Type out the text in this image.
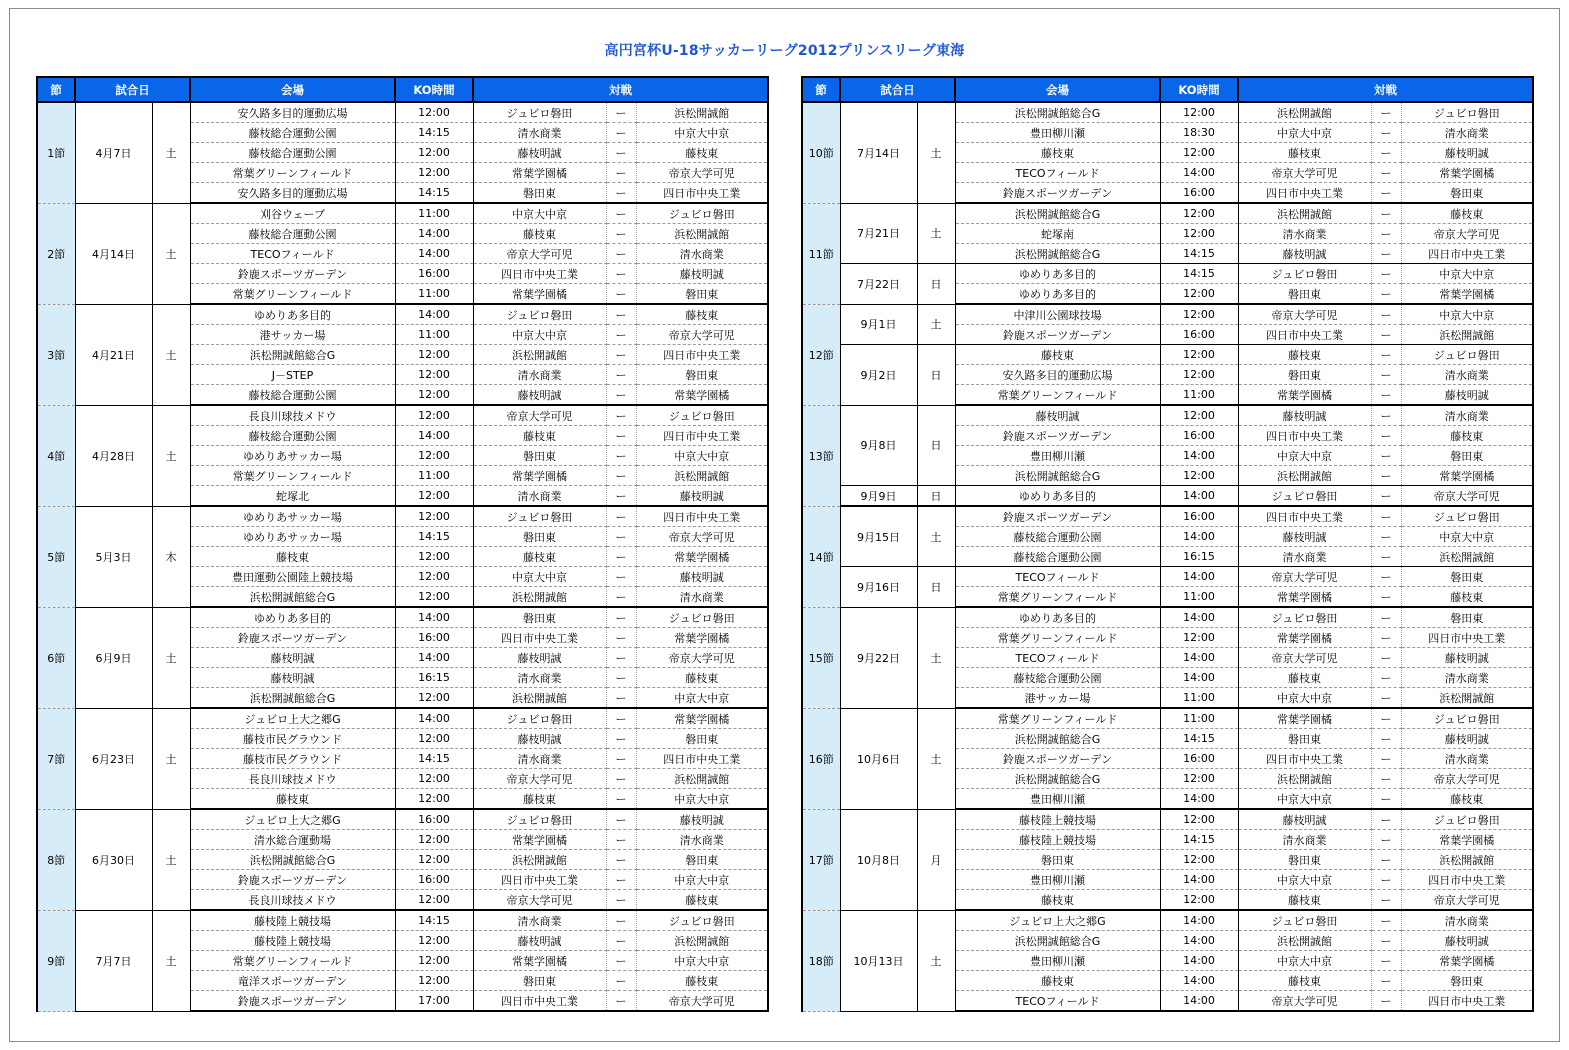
高円宮杯U-18サッカーリーグ2012プリンスリーグ東海
節	試合日		会場	KO時間	対戦		
1節	4月7日	土	安久路多目的運動広場	12:00	ジュビロ磐田	ー	浜松開誠館
			藤枝総合運動公園	14:15	清水商業	ー	中京大中京
			藤枝総合運動公園	12:00	藤枝明誠	ー	藤枝東
			常葉グリーンフィールド	12:00	常葉学園橘	ー	帝京大学可児
			安久路多目的運動広場	14:15	磐田東	ー	四日市中央工業
2節	4月14日	土	刈谷ウェーブ	11:00	中京大中京	ー	ジュビロ磐田
			藤枝総合運動公園	14:00	藤枝東	ー	浜松開誠館
			TECOフィールド	14:00	帝京大学可児	ー	清水商業
			鈴鹿スポーツガーデン	16:00	四日市中央工業	ー	藤枝明誠
			常葉グリーンフィールド	11:00	常葉学園橘	ー	磐田東
3節	4月21日	土	ゆめりあ多目的	14:00	ジュビロ磐田	ー	藤枝東
			港サッカー場	11:00	中京大中京	ー	帝京大学可児
			浜松開誠館総合G	12:00	浜松開誠館	ー	四日市中央工業
			J－STEP	12:00	清水商業	ー	磐田東
			藤枝総合運動公園	12:00	藤枝明誠	ー	常葉学園橘
4節	4月28日	土	長良川球技メドウ	12:00	帝京大学可児	ー	ジュビロ磐田
			藤枝総合運動公園	14:00	藤枝東	ー	四日市中央工業
			ゆめりあサッカー場	12:00	磐田東	ー	中京大中京
			常葉グリーンフィールド	11:00	常葉学園橘	ー	浜松開誠館
			蛇塚北	12:00	清水商業	ー	藤枝明誠
5節	5月3日	木	ゆめりあサッカー場	12:00	ジュビロ磐田	ー	四日市中央工業
			ゆめりあサッカー場	14:15	磐田東	ー	帝京大学可児
			藤枝東	12:00	藤枝東	ー	常葉学園橘
			豊田運動公園陸上競技場	12:00	中京大中京	ー	藤枝明誠
			浜松開誠館総合G	12:00	浜松開誠館	ー	清水商業
6節	6月9日	土	ゆめりあ多目的	14:00	磐田東	ー	ジュビロ磐田
			鈴鹿スポーツガーデン	16:00	四日市中央工業	ー	常葉学園橘
			藤枝明誠	14:00	藤枝明誠	ー	帝京大学可児
			藤枝明誠	16:15	清水商業	ー	藤枝東
			浜松開誠館総合G	12:00	浜松開誠館	ー	中京大中京
7節	6月23日	土	ジュビロ上大之郷G	14:00	ジュビロ磐田	ー	常葉学園橘
			藤枝市民グラウンド	12:00	藤枝明誠	ー	磐田東
			藤枝市民グラウンド	14:15	清水商業	ー	四日市中央工業
			長良川球技メドウ	12:00	帝京大学可児	ー	浜松開誠館
			藤枝東	12:00	藤枝東	ー	中京大中京
8節	6月30日	土	ジュビロ上大之郷G	16:00	ジュビロ磐田	ー	藤枝明誠
			清水総合運動場	12:00	常葉学園橘	ー	清水商業
			浜松開誠館総合G	12:00	浜松開誠館	ー	磐田東
			鈴鹿スポーツガーデン	16:00	四日市中央工業	ー	中京大中京
			長良川球技メドウ	12:00	帝京大学可児	ー	藤枝東
9節	7月7日	土	藤枝陸上競技場	14:15	清水商業	ー	ジュビロ磐田
			藤枝陸上競技場	12:00	藤枝明誠	ー	浜松開誠館
			常葉グリーンフィールド	12:00	常葉学園橘	ー	中京大中京
			竜洋スポーツガーデン	12:00	磐田東	ー	藤枝東
			鈴鹿スポーツガーデン	17:00	四日市中央工業	ー	帝京大学可児
節	試合日		会場	KO時間	対戦		
10節	7月14日	土	浜松開誠館総合G	12:00	浜松開誠館	ー	ジュビロ磐田
			豊田柳川瀬	18:30	中京大中京	ー	清水商業
			藤枝東	12:00	藤枝東	ー	藤枝明誠
			TECOフィールド	14:00	帝京大学可児	ー	常葉学園橘
			鈴鹿スポーツガーデン	16:00	四日市中央工業	ー	磐田東
11節	7月21日	土	浜松開誠館総合G	12:00	浜松開誠館	ー	藤枝東
			蛇塚南	12:00	清水商業	ー	帝京大学可児
			浜松開誠館総合G	14:15	藤枝明誠	ー	四日市中央工業
	7月22日	日	ゆめりあ多目的	14:15	ジュビロ磐田	ー	中京大中京
			ゆめりあ多目的	12:00	磐田東	ー	常葉学園橘
12節	9月1日	土	中津川公園球技場	12:00	帝京大学可児	ー	中京大中京
			鈴鹿スポーツガーデン	16:00	四日市中央工業	ー	浜松開誠館
	9月2日	日	藤枝東	12:00	藤枝東	ー	ジュビロ磐田
			安久路多目的運動広場	12:00	磐田東	ー	清水商業
			常葉グリーンフィールド	11:00	常葉学園橘	ー	藤枝明誠
13節	9月8日	日	藤枝明誠	12:00	藤枝明誠	ー	清水商業
			鈴鹿スポーツガーデン	16:00	四日市中央工業	ー	藤枝東
			豊田柳川瀬	14:00	中京大中京	ー	磐田東
			浜松開誠館総合G	12:00	浜松開誠館	ー	常葉学園橘
	9月9日	日	ゆめりあ多目的	14:00	ジュビロ磐田	ー	帝京大学可児
14節	9月15日	土	鈴鹿スポーツガーデン	16:00	四日市中央工業	ー	ジュビロ磐田
			藤枝総合運動公園	14:00	藤枝明誠	ー	中京大中京
			藤枝総合運動公園	16:15	清水商業	ー	浜松開誠館
	9月16日	日	TECOフィールド	14:00	帝京大学可児	ー	磐田東
			常葉グリーンフィールド	11:00	常葉学園橘	ー	藤枝東
15節	9月22日	土	ゆめりあ多目的	14:00	ジュビロ磐田	ー	磐田東
			常葉グリーンフィールド	12:00	常葉学園橘	ー	四日市中央工業
			TECOフィールド	14:00	帝京大学可児	ー	藤枝明誠
			藤枝総合運動公園	14:00	藤枝東	ー	清水商業
			港サッカー場	11:00	中京大中京	ー	浜松開誠館
16節	10月6日	土	常葉グリーンフィールド	11:00	常葉学園橘	ー	ジュビロ磐田
			浜松開誠館総合G	14:15	磐田東	ー	藤枝明誠
			鈴鹿スポーツガーデン	16:00	四日市中央工業	ー	清水商業
			浜松開誠館総合G	12:00	浜松開誠館	ー	帝京大学可児
			豊田柳川瀬	14:00	中京大中京	ー	藤枝東
17節	10月8日	月	藤枝陸上競技場	12:00	藤枝明誠	ー	ジュビロ磐田
			藤枝陸上競技場	14:15	清水商業	ー	常葉学園橘
			磐田東	12:00	磐田東	ー	浜松開誠館
			豊田柳川瀬	14:00	中京大中京	ー	四日市中央工業
			藤枝東	12:00	藤枝東	ー	帝京大学可児
18節	10月13日	土	ジュビロ上大之郷G	14:00	ジュビロ磐田	ー	清水商業
			浜松開誠館総合G	14:00	浜松開誠館	ー	藤枝明誠
			豊田柳川瀬	14:00	中京大中京	ー	常葉学園橘
			藤枝東	14:00	藤枝東	ー	磐田東
			TECOフィールド	14:00	帝京大学可児	ー	四日市中央工業
